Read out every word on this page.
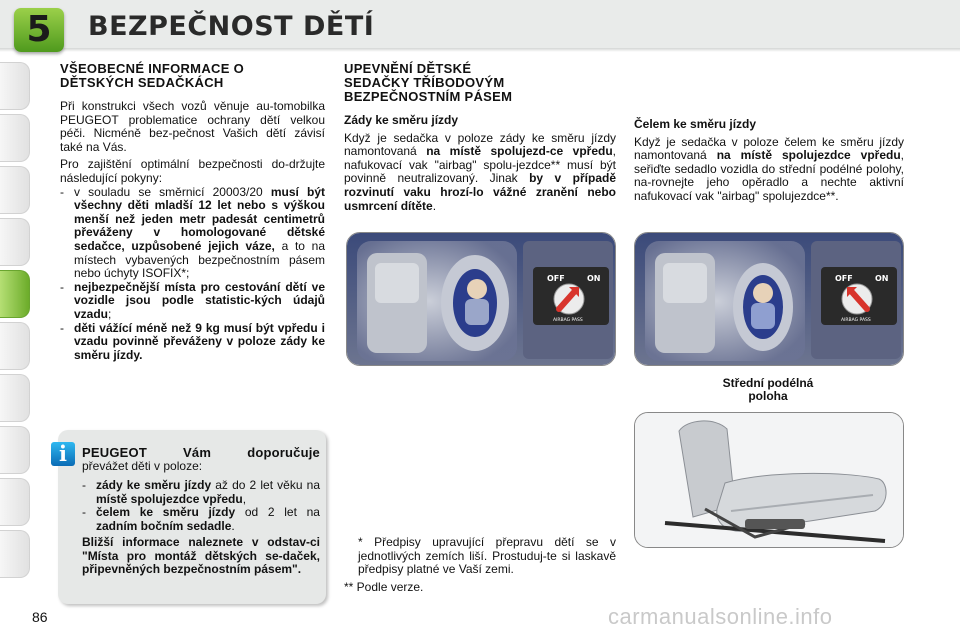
5	BEZPEČNOST DĚTÍ
VŠEOBECNÉ INFORMACE O
DĚTSKÝCH SEDAČKÁCH

Při konstrukci všech vozů věnuje au-tomobilka PEUGEOT problematice ochrany dětí velkou péči. Nicméně bez-pečnost Vašich dětí závisí také na Vás.

Pro zajištění optimální bezpečnosti do-držujte následující pokyny:

- v souladu se směrnicí 20003/20 musí být všechny děti mladší 12 let nebo s výškou menší než jeden metr padesát centimetrů převáženy v homologované dětské sedačce, uzpůsobené jejich váze, a to na místech vybavených bezpečnostním pásem nebo úchyty ISOFIX*;
- nejbezpečnější místa pro cestování dětí ve vozidle jsou podle statistic-kých údajů vzadu;
- děti vážící méně než 9 kg musí být vpředu i vzadu povinně převáženy v poloze zády ke směru jízdy.
i	PEUGEOT Vám doporučuje
převážet děti v poloze:
- zády ke směru jízdy až do 2 let věku na místě spolujezdce vpředu,
- čelem ke směru jízdy od 2 let na zadním bočním sedadle.

Bližší informace naleznete v odstav-ci "Místa pro montáž dětských se-daček, připevněných bezpečnostním pásem".

UPEVNĚNÍ DĚTSKÉ
SEDAČKY TŘÍBODOVÝM
BEZPEČNOSTNÍM PÁSEM
Zády ke směru jízdy

Když je sedačka v poloze zády ke směru jízdy namontovaná na místě spolujezd-ce vpředu, nafukovací vak "airbag" spolu-jezdce** musí být povinně neutralizovaný. Jinak by v případě rozvinutí vaku hrozí-lo vážné zranění nebo usmrcení dítěte.

Čelem ke směru jízdy

Když je sedačka v poloze čelem ke směru jízdy namontovaná na místě spolujezdce vpředu, seřiďte sedadlo vozidla do střední podélné polohy, na-rovnejte jeho opěradlo a nechte aktivní nafukovací vak "airbag" spolujezdce**.

OFF	ON
AIRBAG PASS
OFF	ON
AIRBAG PASS
Střední podélná
poloha
* Předpisy upravující přepravu dětí se v jednotlivých zemích liší. Prostuduj-te si laskavě předpisy platné ve Vaší zemi.
** Podle verze.
86	carmanualsonline.info
